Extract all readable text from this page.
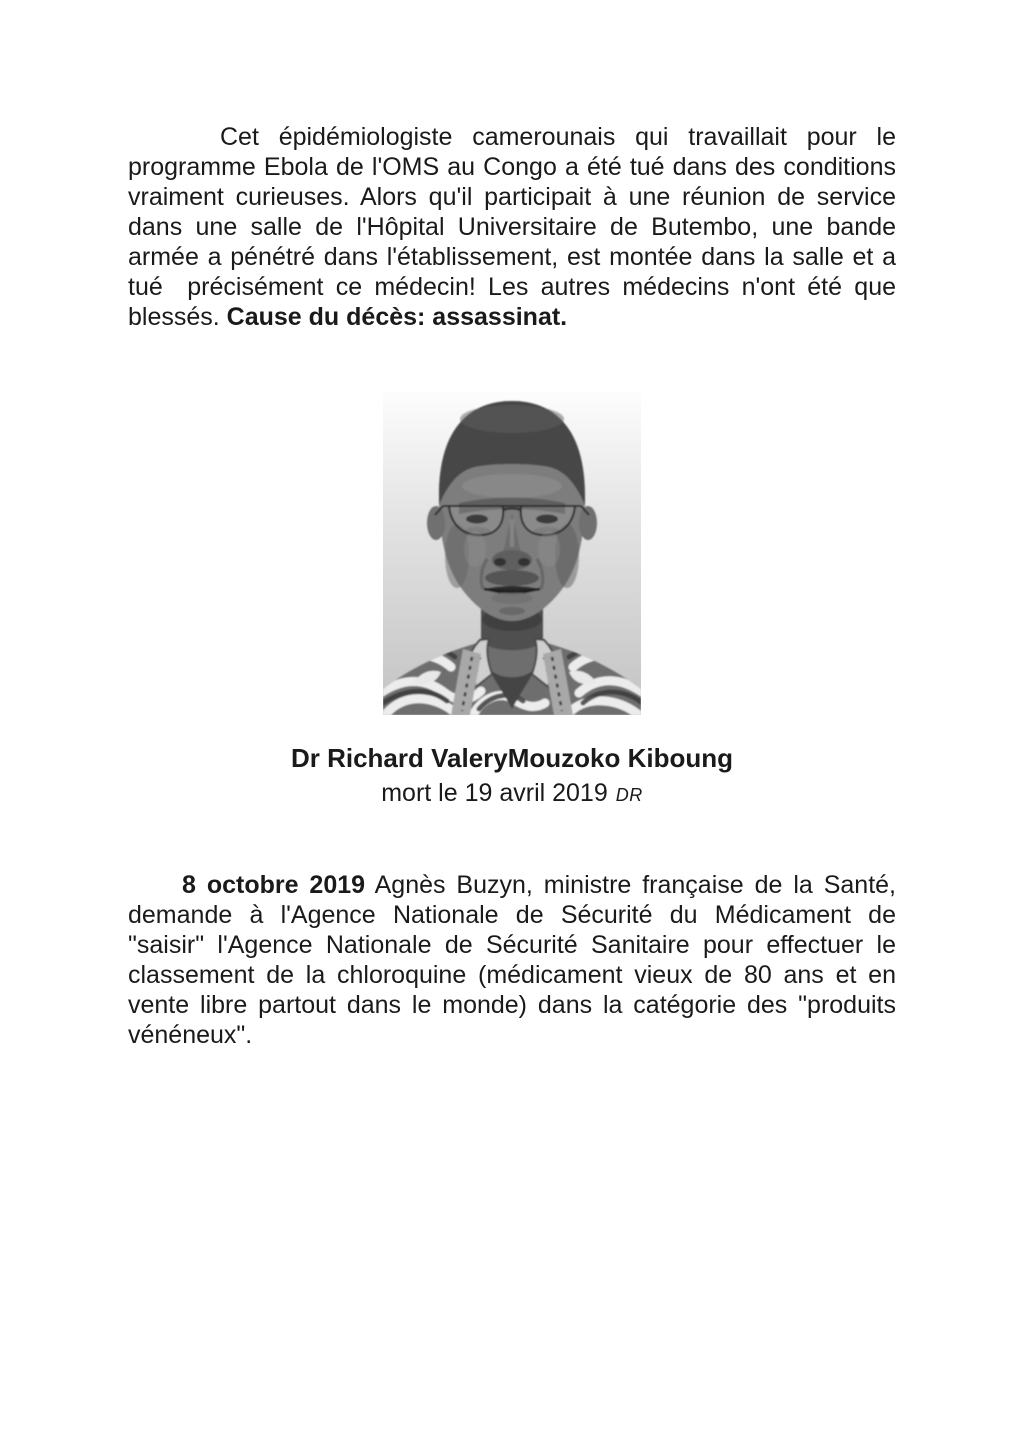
Cet épidémiologiste camerounais qui travaillait pour le
programme Ebola de l'OMS au Congo a été tué dans des conditions
vraiment curieuses. Alors qu'il participait à une réunion de service
dans une salle de l'Hôpital Universitaire de Butembo, une bande
armée a pénétré dans l'établissement, est montée dans la salle et a
tué  précisément ce médecin! Les autres médecins n'ont été que
blessés. Cause du décès: assassinat.
Dr Richard ValeryMouzoko Kiboung
mort le 19 avril 2019 DR
8 octobre 2019 Agnès Buzyn, ministre française de la Santé,
demande à l'Agence Nationale de Sécurité du Médicament de
"saisir" l'Agence Nationale de Sécurité Sanitaire pour effectuer le
classement de la chloroquine (médicament vieux de 80 ans et en
vente libre partout dans le monde) dans la catégorie des "produits
vénéneux".
